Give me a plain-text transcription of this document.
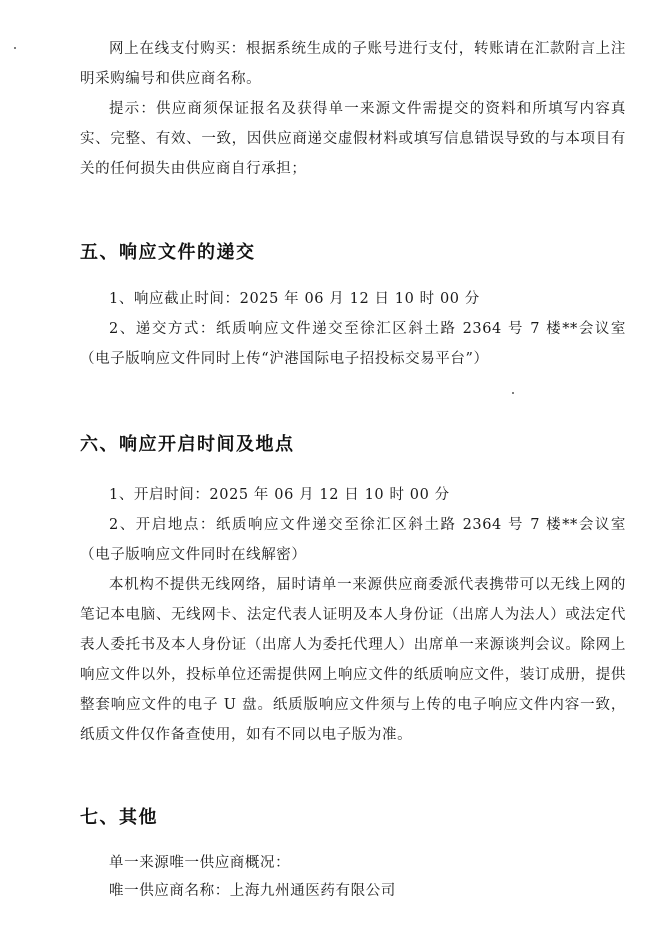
网上在线支付购买：根据系统生成的子账号进行支付，转账请在汇款附言上注明采购编号和供应商名称。

提示：供应商须保证报名及获得单一来源文件需提交的资料和所填写内容真实、完整、有效、一致，因供应商递交虚假材料或填写信息错误导致的与本项目有关的任何损失由供应商自行承担；

五、响应文件的递交

1、响应截止时间：2025 年 06 月 12 日 10 时 00 分

2、递交方式：纸质响应文件递交至徐汇区斜土路 2364 号 7 楼**会议室（电子版响应文件同时上传“沪港国际电子招投标交易平台”）

六、响应开启时间及地点

1、开启时间：2025 年 06 月 12 日 10 时 00 分

2、开启地点：纸质响应文件递交至徐汇区斜土路 2364 号 7 楼**会议室（电子版响应文件同时在线解密）

本机构不提供无线网络，届时请单一来源供应商委派代表携带可以无线上网的笔记本电脑、无线网卡、法定代表人证明及本人身份证（出席人为法人）或法定代表人委托书及本人身份证（出席人为委托代理人）出席单一来源谈判会议。除网上响应文件以外，投标单位还需提供网上响应文件的纸质响应文件，装订成册，提供整套响应文件的电子 U 盘。纸质版响应文件须与上传的电子响应文件内容一致，纸质文件仅作备查使用，如有不同以电子版为准。

七、其他

单一来源唯一供应商概况：

唯一供应商名称：上海九州通医药有限公司
